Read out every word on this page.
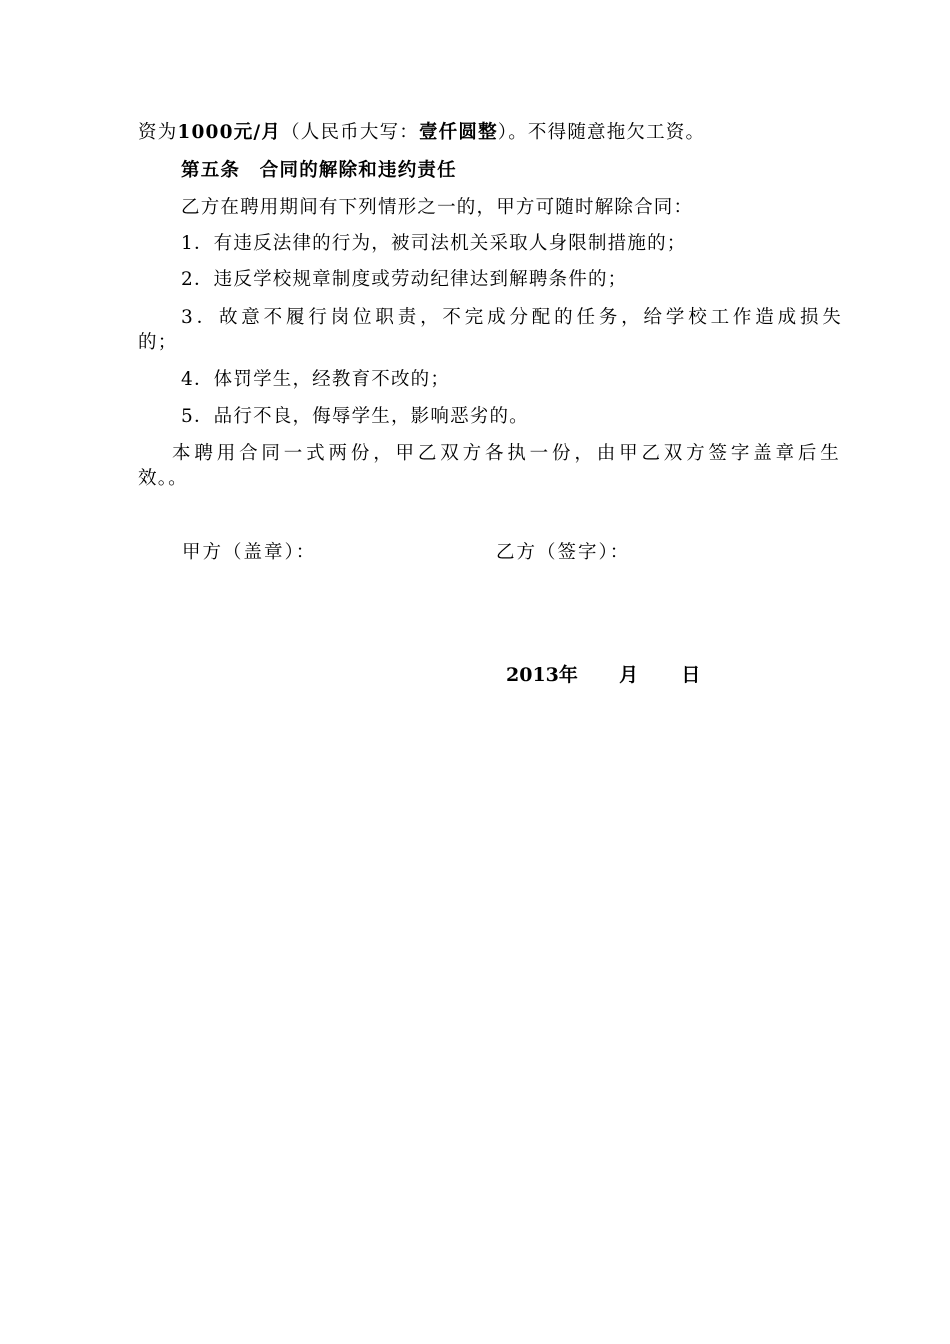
资为1000元/月（人民币大写：壹仟圆整）。不得随意拖欠工资。
第五条　合同的解除和违约责任
乙方在聘用期间有下列情形之一的，甲方可随时解除合同：
1．有违反法律的行为，被司法机关采取人身限制措施的；
2．违反学校规章制度或劳动纪律达到解聘条件的；
3．故意不履行岗位职责，不完成分配的任务，给学校工作造成损失
的；
4．体罚学生，经教育不改的；
5．品行不良，侮辱学生，影响恶劣的。
本聘用合同一式两份，甲乙双方各执一份，由甲乙双方签字盖章后生
效。。
甲方（盖章）：	乙方（签字）：
2013年 月 日
